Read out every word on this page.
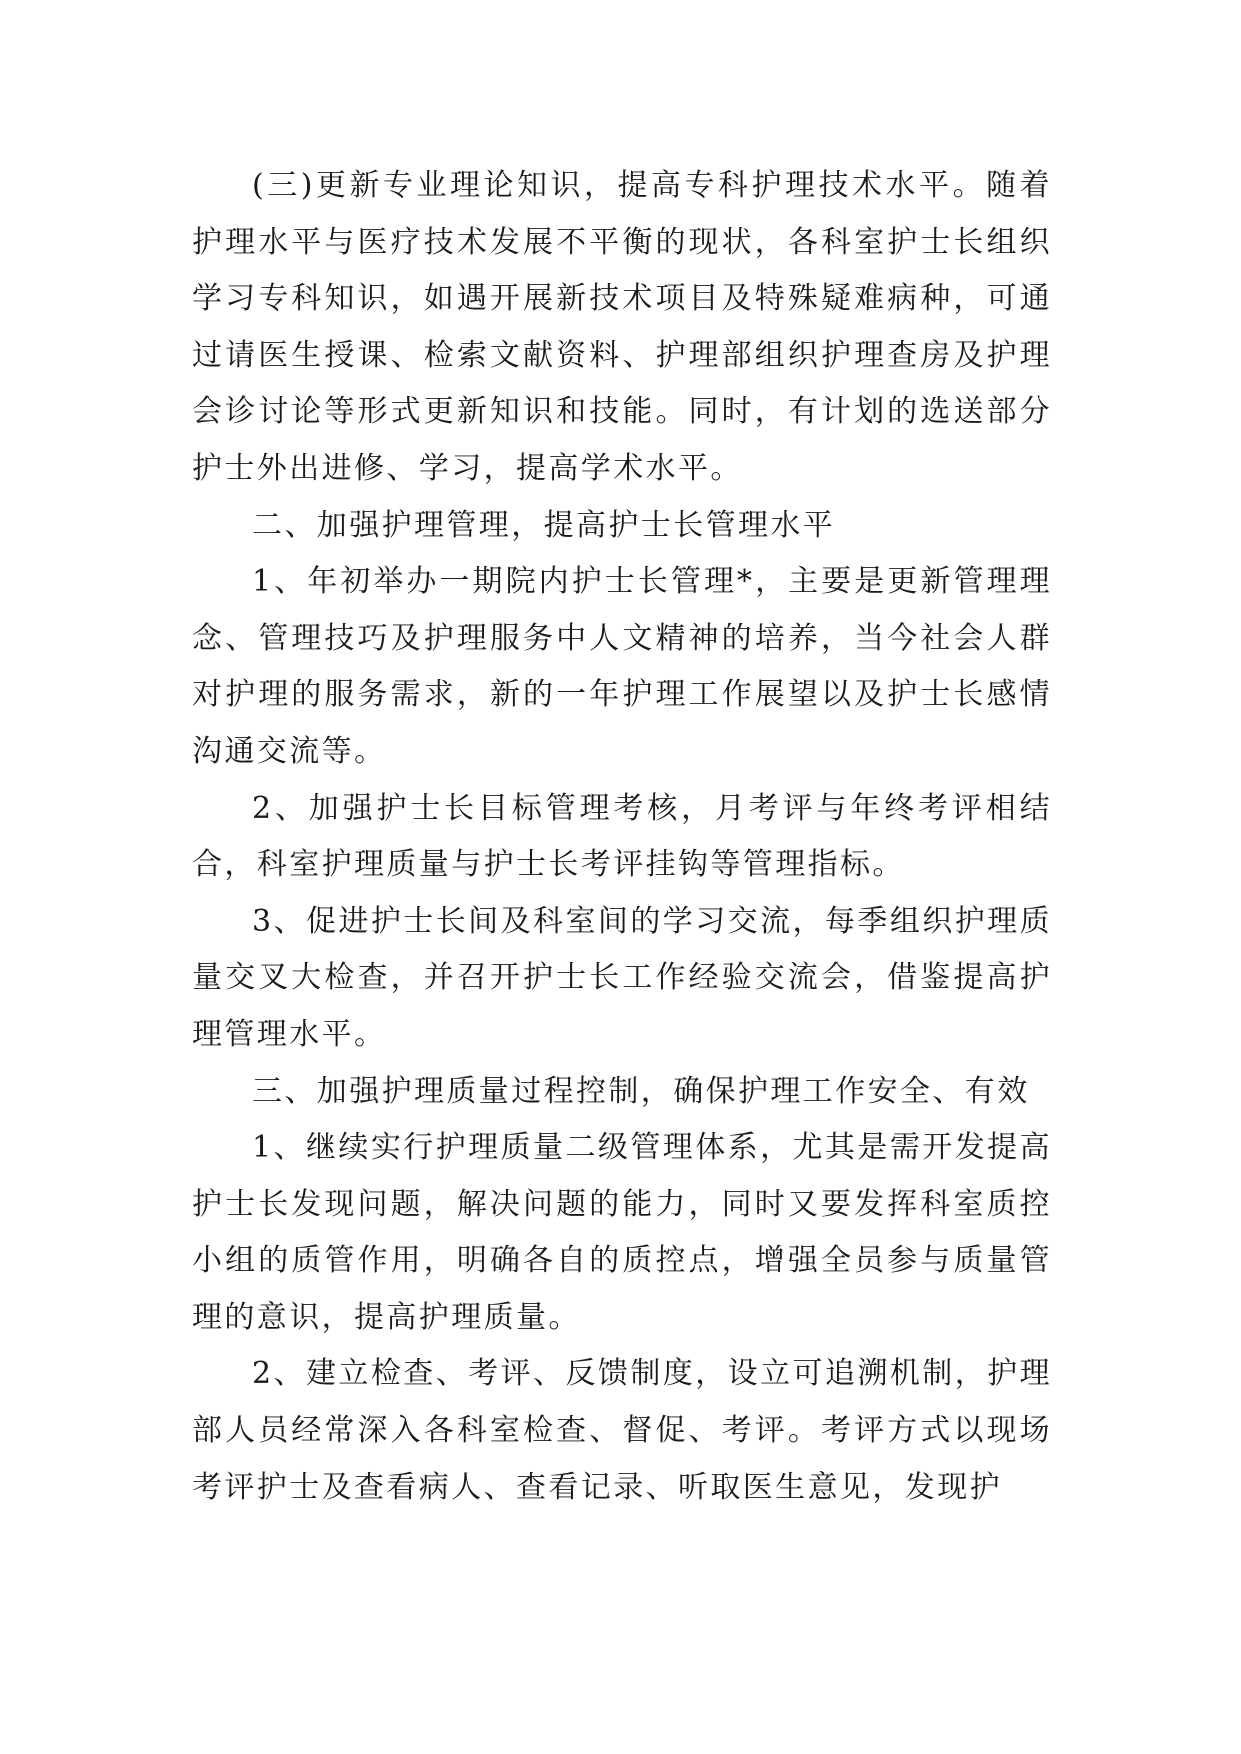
(三)更新专业理论知识，提高专科护理技术水平。随着护理水平与医疗技术发展不平衡的现状，各科室护士长组织学习专科知识，如遇开展新技术项目及特殊疑难病种，可通过请医生授课、检索文献资料、护理部组织护理查房及护理会诊讨论等形式更新知识和技能。同时，有计划的选送部分护士外出进修、学习，提高学术水平。

二、加强护理管理，提高护士长管理水平

1、年初举办一期院内护士长管理*，主要是更新管理理念、管理技巧及护理服务中人文精神的培养，当今社会人群对护理的服务需求，新的一年护理工作展望以及护士长感情沟通交流等。

2、加强护士长目标管理考核，月考评与年终考评相结合，科室护理质量与护士长考评挂钩等管理指标。

3、促进护士长间及科室间的学习交流，每季组织护理质量交叉大检查，并召开护士长工作经验交流会，借鉴提高护理管理水平。

三、加强护理质量过程控制，确保护理工作安全、有效

1、继续实行护理质量二级管理体系，尤其是需开发提高护士长发现问题，解决问题的能力，同时又要发挥科室质控小组的质管作用，明确各自的质控点，增强全员参与质量管理的意识，提高护理质量。

2、建立检查、考评、反馈制度，设立可追溯机制，护理部人员经常深入各科室检查、督促、考评。考评方式以现场考评护士及查看病人、查看记录、听取医生意见，发现护
